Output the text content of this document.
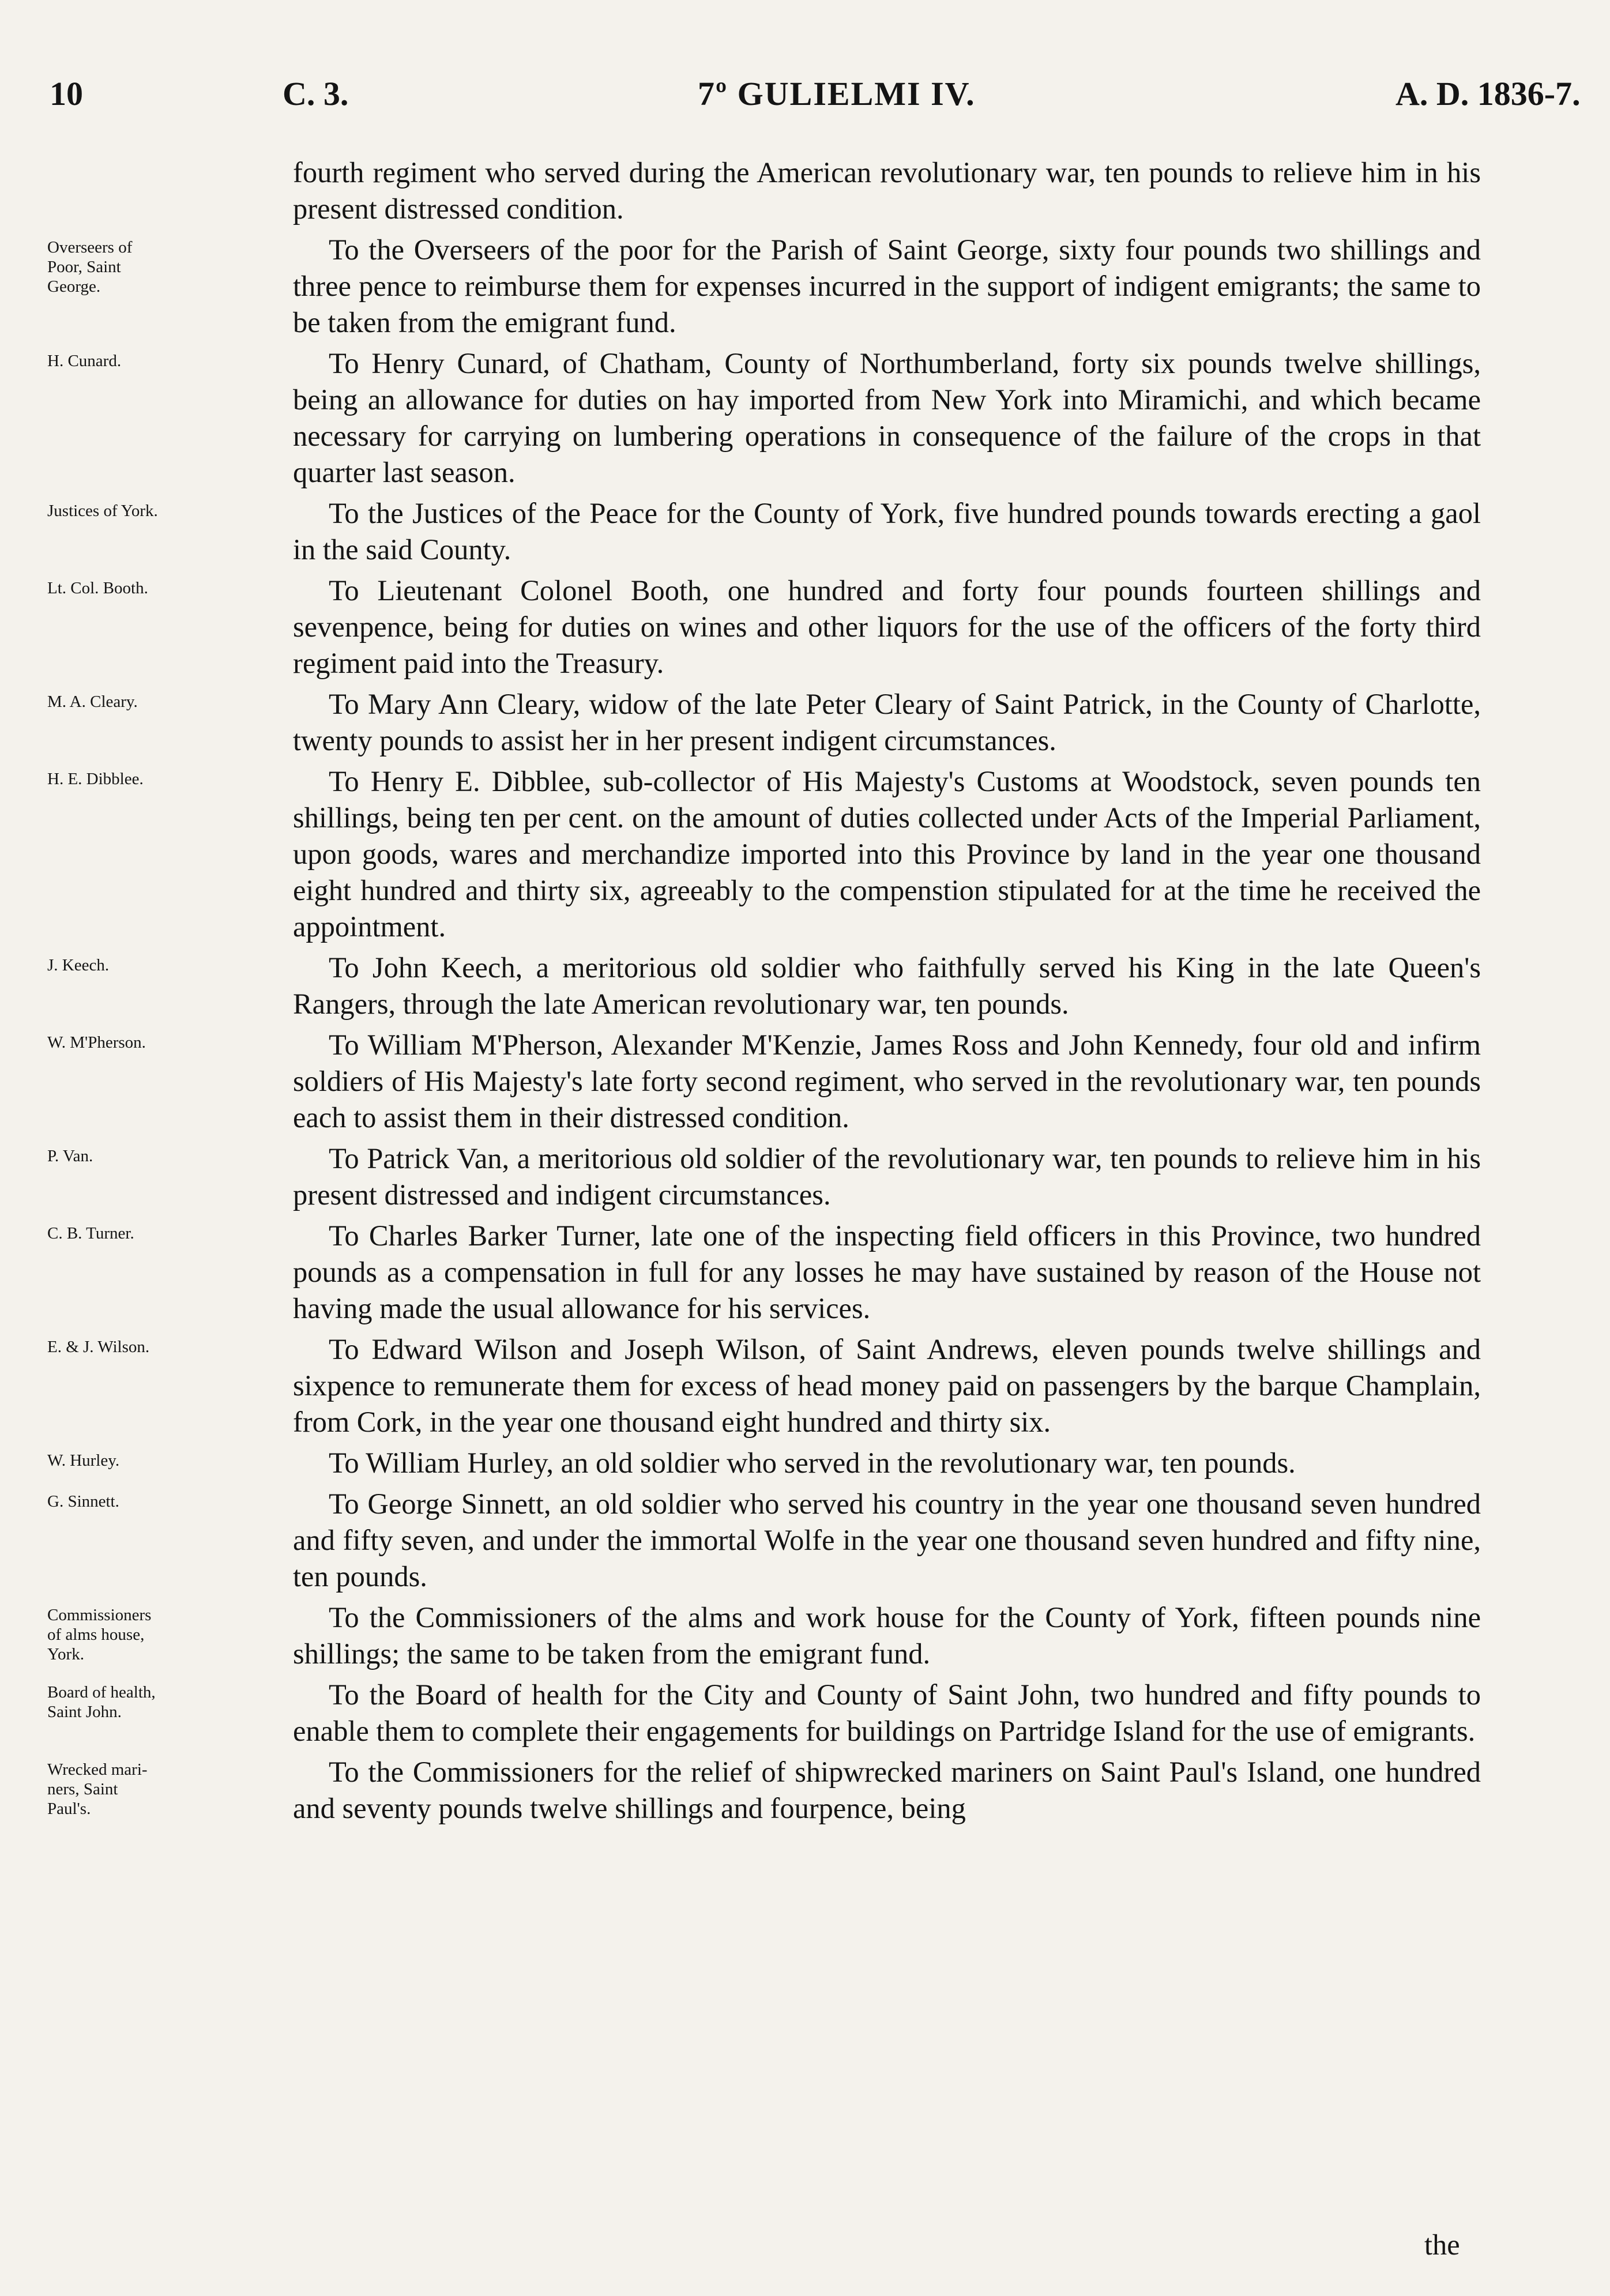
10	C. 3.	7º GULIELMI IV.	A. D. 1836-7.
fourth regiment who served during the American revolutionary war, ten pounds to relieve him in his present distressed condition.
Overseers of
Poor, Saint
George.
To the Overseers of the poor for the Parish of Saint George, sixty four pounds two shillings and three pence to reimburse them for expenses incurred in the support of indigent emigrants; the same to be taken from the emigrant fund.
H. Cunard.	To Henry Cunard, of Chatham, County of Northumberland, forty six pounds twelve shillings, being an allowance for duties on hay imported from New York into Miramichi, and which became necessary for carrying on lumbering operations in consequence of the failure of the crops in that quarter last season.
Justices of York.	To the Justices of the Peace for the County of York, five hundred pounds towards erecting a gaol in the said County.
Lt. Col. Booth.	To Lieutenant Colonel Booth, one hundred and forty four pounds fourteen shillings and sevenpence, being for duties on wines and other liquors for the use of the officers of the forty third regiment paid into the Treasury.
M. A. Cleary.	To Mary Ann Cleary, widow of the late Peter Cleary of Saint Patrick, in the County of Charlotte, twenty pounds to assist her in her present indigent circumstances.
H. E. Dibblee.	To Henry E. Dibblee, sub-collector of His Majesty's Customs at Woodstock, seven pounds ten shillings, being ten per cent. on the amount of duties collected under Acts of the Imperial Parliament, upon goods, wares and merchandize imported into this Province by land in the year one thousand eight hundred and thirty six, agreeably to the compenstion stipulated for at the time he received the appointment.
J. Keech.	To John Keech, a meritorious old soldier who faithfully served his King in the late Queen's Rangers, through the late American revolutionary war, ten pounds.
W. M'Pherson.	To William M'Pherson, Alexander M'Kenzie, James Ross and John Kennedy, four old and infirm soldiers of His Majesty's late forty second regiment, who served in the revolutionary war, ten pounds each to assist them in their distressed condition.
P. Van.	To Patrick Van, a meritorious old soldier of the revolutionary war, ten pounds to relieve him in his present distressed and indigent circumstances.
C. B. Turner.	To Charles Barker Turner, late one of the inspecting field officers in this Province, two hundred pounds as a compensation in full for any losses he may have sustained by reason of the House not having made the usual allowance for his services.
E. & J. Wilson.	To Edward Wilson and Joseph Wilson, of Saint Andrews, eleven pounds twelve shillings and sixpence to remunerate them for excess of head money paid on passengers by the barque Champlain, from Cork, in the year one thousand eight hundred and thirty six.
W. Hurley.	To William Hurley, an old soldier who served in the revolutionary war, ten pounds.
G. Sinnett.	To George Sinnett, an old soldier who served his country in the year one thousand seven hundred and fifty seven, and under the immortal Wolfe in the year one thousand seven hundred and fifty nine, ten pounds.
Commissioners
of alms house,
York.
To the Commissioners of the alms and work house for the County of York, fifteen pounds nine shillings; the same to be taken from the emigrant fund.
Board of health,
Saint John.
To the Board of health for the City and County of Saint John, two hundred and fifty pounds to enable them to complete their engagements for buildings on Partridge Island for the use of emigrants.
Wrecked mari-
ners, Saint
Paul's.
To the Commissioners for the relief of shipwrecked mariners on Saint Paul's Island, one hundred and seventy pounds twelve shillings and fourpence, being
the
